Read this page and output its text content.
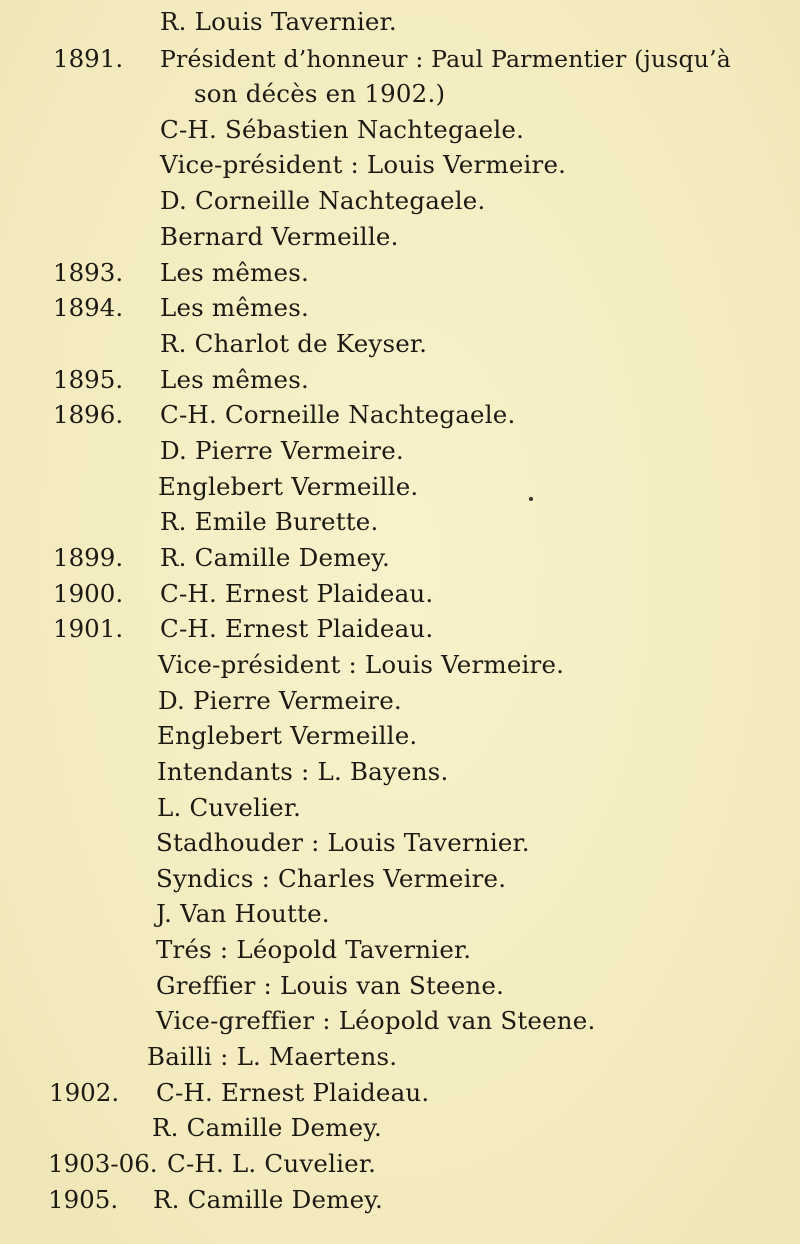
R. Louis Tavernier.
1891. Président d’honneur : Paul Parmentier (jusqu’à
son décès en 1902.)
C-H. Sébastien Nachtegaele.
Vice-président : Louis Vermeire.
D. Corneille Nachtegaele.
Bernard Vermeille.
1893. Les mêmes.
1894. Les mêmes.
R. Charlot de Keyser.
1895. Les mêmes.
1896. C-H. Corneille Nachtegaele.
D. Pierre Vermeire.
Englebert Vermeille.
R. Emile Burette.
1899. R. Camille Demey.
1900. C-H. Ernest Plaideau.
1901. C-H. Ernest Plaideau.
Vice-président : Louis Vermeire.
D. Pierre Vermeire.
Englebert Vermeille.
Intendants : L. Bayens.
L. Cuvelier.
Stadhouder : Louis Tavernier.
Syndics : Charles Vermeire.
J. Van Houtte.
Trés : Léopold Tavernier.
Greffier : Louis van Steene.
Vice-greffier : Léopold van Steene.
Bailli : L. Maertens.
1902. C-H. Ernest Plaideau.
R. Camille Demey.
1903-06. C-H. L. Cuvelier.
1905. R. Camille Demey.
